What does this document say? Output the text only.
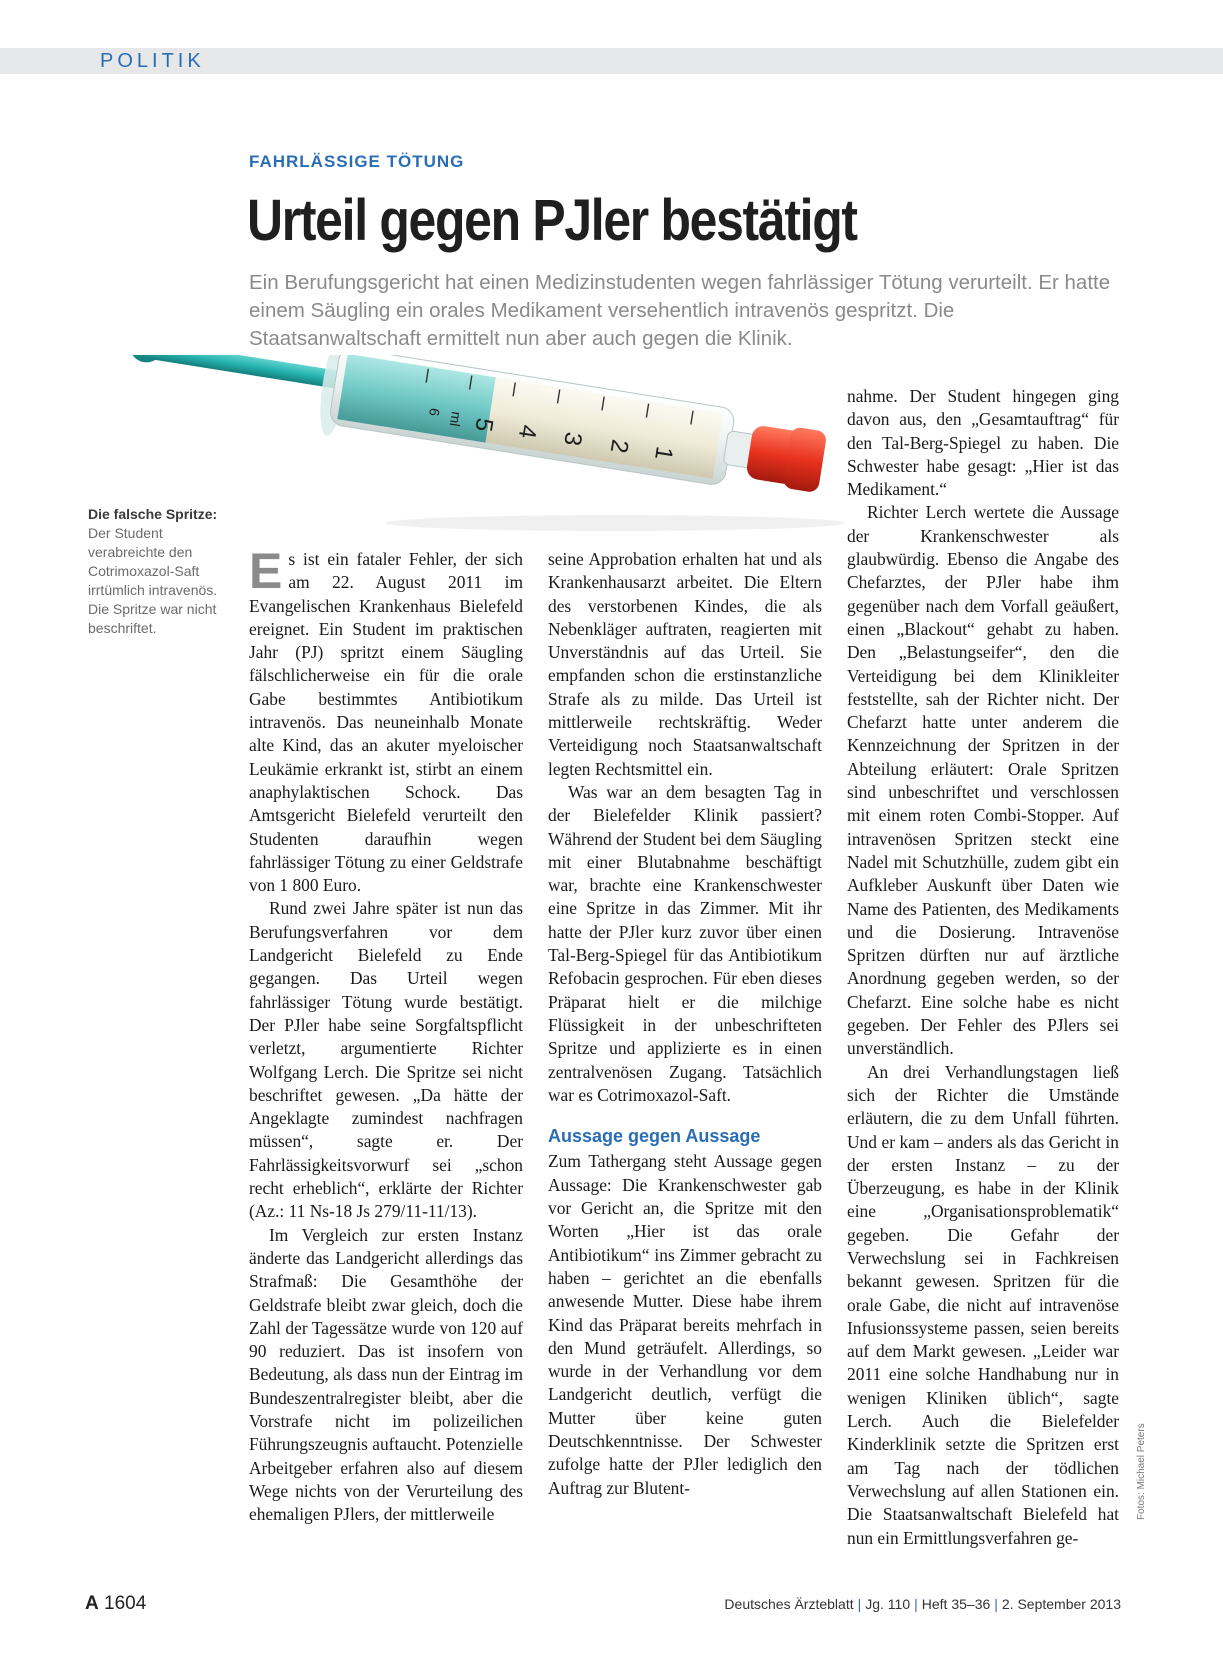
POLITIK
FAHRLÄSSIGE TÖTUNG
Urteil gegen PJler bestätigt
Ein Berufungsgericht hat einen Medizinstudenten wegen fahrlässiger Tötung verurteilt. Er hatte einem Säugling ein orales Medikament versehentlich intravenös gespritzt. Die Staatsanwaltschaft ermittelt nun aber auch gegen die Klinik.
1
2
3
4
5
ml
6
Die falsche Spritze: Der Student verabreichte den Cotrimoxazol-Saft irrtümlich intravenös. Die Spritze war nicht beschriftet.

Es ist ein fataler Fehler, der sich am 22. August 2011 im Evangelischen Krankenhaus Bielefeld ereignet. Ein Student im praktischen Jahr (PJ) spritzt einem Säugling fälschlicherweise ein für die orale Gabe bestimmtes Antibiotikum intravenös. Das neuneinhalb Monate alte Kind, das an akuter myeloischer Leukämie erkrankt ist, stirbt an einem anaphylaktischen Schock. Das Amtsgericht Bielefeld verurteilt den Studenten daraufhin wegen fahrlässiger Tötung zu einer Geldstrafe von 1 800 Euro.

Rund zwei Jahre später ist nun das Berufungsverfahren vor dem Landgericht Bielefeld zu Ende gegangen. Das Urteil wegen fahrlässiger Tötung wurde bestätigt. Der PJler habe seine Sorgfaltspflicht verletzt, argumentierte Richter Wolfgang Lerch. Die Spritze sei nicht beschriftet gewesen. „Da hätte der Angeklagte zumindest nachfragen müssen“, sagte er. Der Fahrlässigkeitsvorwurf sei „schon recht erheblich“, erklärte der Richter (Az.: 11 Ns-18 Js 279/11-11/13).

Im Vergleich zur ersten Instanz änderte das Landgericht allerdings das Strafmaß: Die Gesamthöhe der Geldstrafe bleibt zwar gleich, doch die Zahl der Tagessätze wurde von 120 auf 90 reduziert. Das ist insofern von Bedeutung, als dass nun der Eintrag im Bundeszentralregister bleibt, aber die Vorstrafe nicht im polizeilichen Führungszeugnis auftaucht. Potenzielle Arbeitgeber erfahren also auf diesem Wege nichts von der Verurteilung des ehemaligen PJlers, der mittlerweile

seine Approbation erhalten hat und als Krankenhausarzt arbeitet. Die Eltern des verstorbenen Kindes, die als Nebenkläger auftraten, reagierten mit Unverständnis auf das Urteil. Sie empfanden schon die erstinstanzliche Strafe als zu milde. Das Urteil ist mittlerweile rechtskräftig. Weder Verteidigung noch Staatsanwaltschaft legten Rechtsmittel ein.

Was war an dem besagten Tag in der Bielefelder Klinik passiert? Während der Student bei dem Säugling mit einer Blutabnahme beschäftigt war, brachte eine Krankenschwester eine Spritze in das Zimmer. Mit ihr hatte der PJler kurz zuvor über einen Tal-Berg-Spiegel für das Antibiotikum Refobacin gesprochen. Für eben dieses Präparat hielt er die milchige Flüssigkeit in der unbeschrifteten Spritze und applizierte es in einen zentralvenösen Zugang. Tatsächlich war es Cotrimoxazol-Saft.

Aussage gegen Aussage

Zum Tathergang steht Aussage gegen Aussage: Die Krankenschwester gab vor Gericht an, die Spritze mit den Worten „Hier ist das orale Antibiotikum“ ins Zimmer gebracht zu haben – gerichtet an die ebenfalls anwesende Mutter. Diese habe ihrem Kind das Präparat bereits mehrfach in den Mund geträufelt. Allerdings, so wurde in der Verhandlung vor dem Landgericht deutlich, verfügt die Mutter über keine guten Deutschkenntnisse. Der Schwester zufolge hatte der PJler lediglich den Auftrag zur Blutent-

nahme. Der Student hingegen ging davon aus, den „Gesamtauftrag“ für den Tal-Berg-Spiegel zu haben. Die Schwester habe gesagt: „Hier ist das Medikament.“

Richter Lerch wertete die Aussage der Krankenschwester als glaubwürdig. Ebenso die Angabe des Chefarztes, der PJler habe ihm gegenüber nach dem Vorfall geäußert, einen „Blackout“ gehabt zu haben. Den „Belastungseifer“, den die Verteidigung bei dem Klinikleiter feststellte, sah der Richter nicht. Der Chefarzt hatte unter anderem die Kennzeichnung der Spritzen in der Abteilung erläutert: Orale Spritzen sind unbeschriftet und verschlossen mit einem roten Combi-Stopper. Auf intravenösen Spritzen steckt eine Nadel mit Schutzhülle, zudem gibt ein Aufkleber Auskunft über Daten wie Name des Patienten, des Medikaments und die Dosierung. Intravenöse Spritzen dürften nur auf ärztliche Anordnung gegeben werden, so der Chefarzt. Eine solche habe es nicht gegeben. Der Fehler des PJlers sei unverständlich.

An drei Verhandlungstagen ließ sich der Richter die Umstände erläutern, die zu dem Unfall führten. Und er kam – anders als das Gericht in der ersten Instanz – zu der Überzeugung, es habe in der Klinik eine „Organisationsproblematik“ gegeben. Die Gefahr der Verwechslung sei in Fachkreisen bekannt gewesen. Spritzen für die orale Gabe, die nicht auf intravenöse Infusionssysteme passen, seien bereits auf dem Markt gewesen. „Leider war 2011 eine solche Handhabung nur in wenigen Kliniken üblich“, sagte Lerch. Auch die Bielefelder Kinderklinik setzte die Spritzen erst am Tag nach der tödlichen Verwechslung auf allen Stationen ein. Die Staatsanwaltschaft Bielefeld hat nun ein Ermittlungsverfahren ge-

Fotos: Michael Peters
A 1604	Deutsches Ärzteblatt | Jg. 110 | Heft 35–36 | 2. September 2013
